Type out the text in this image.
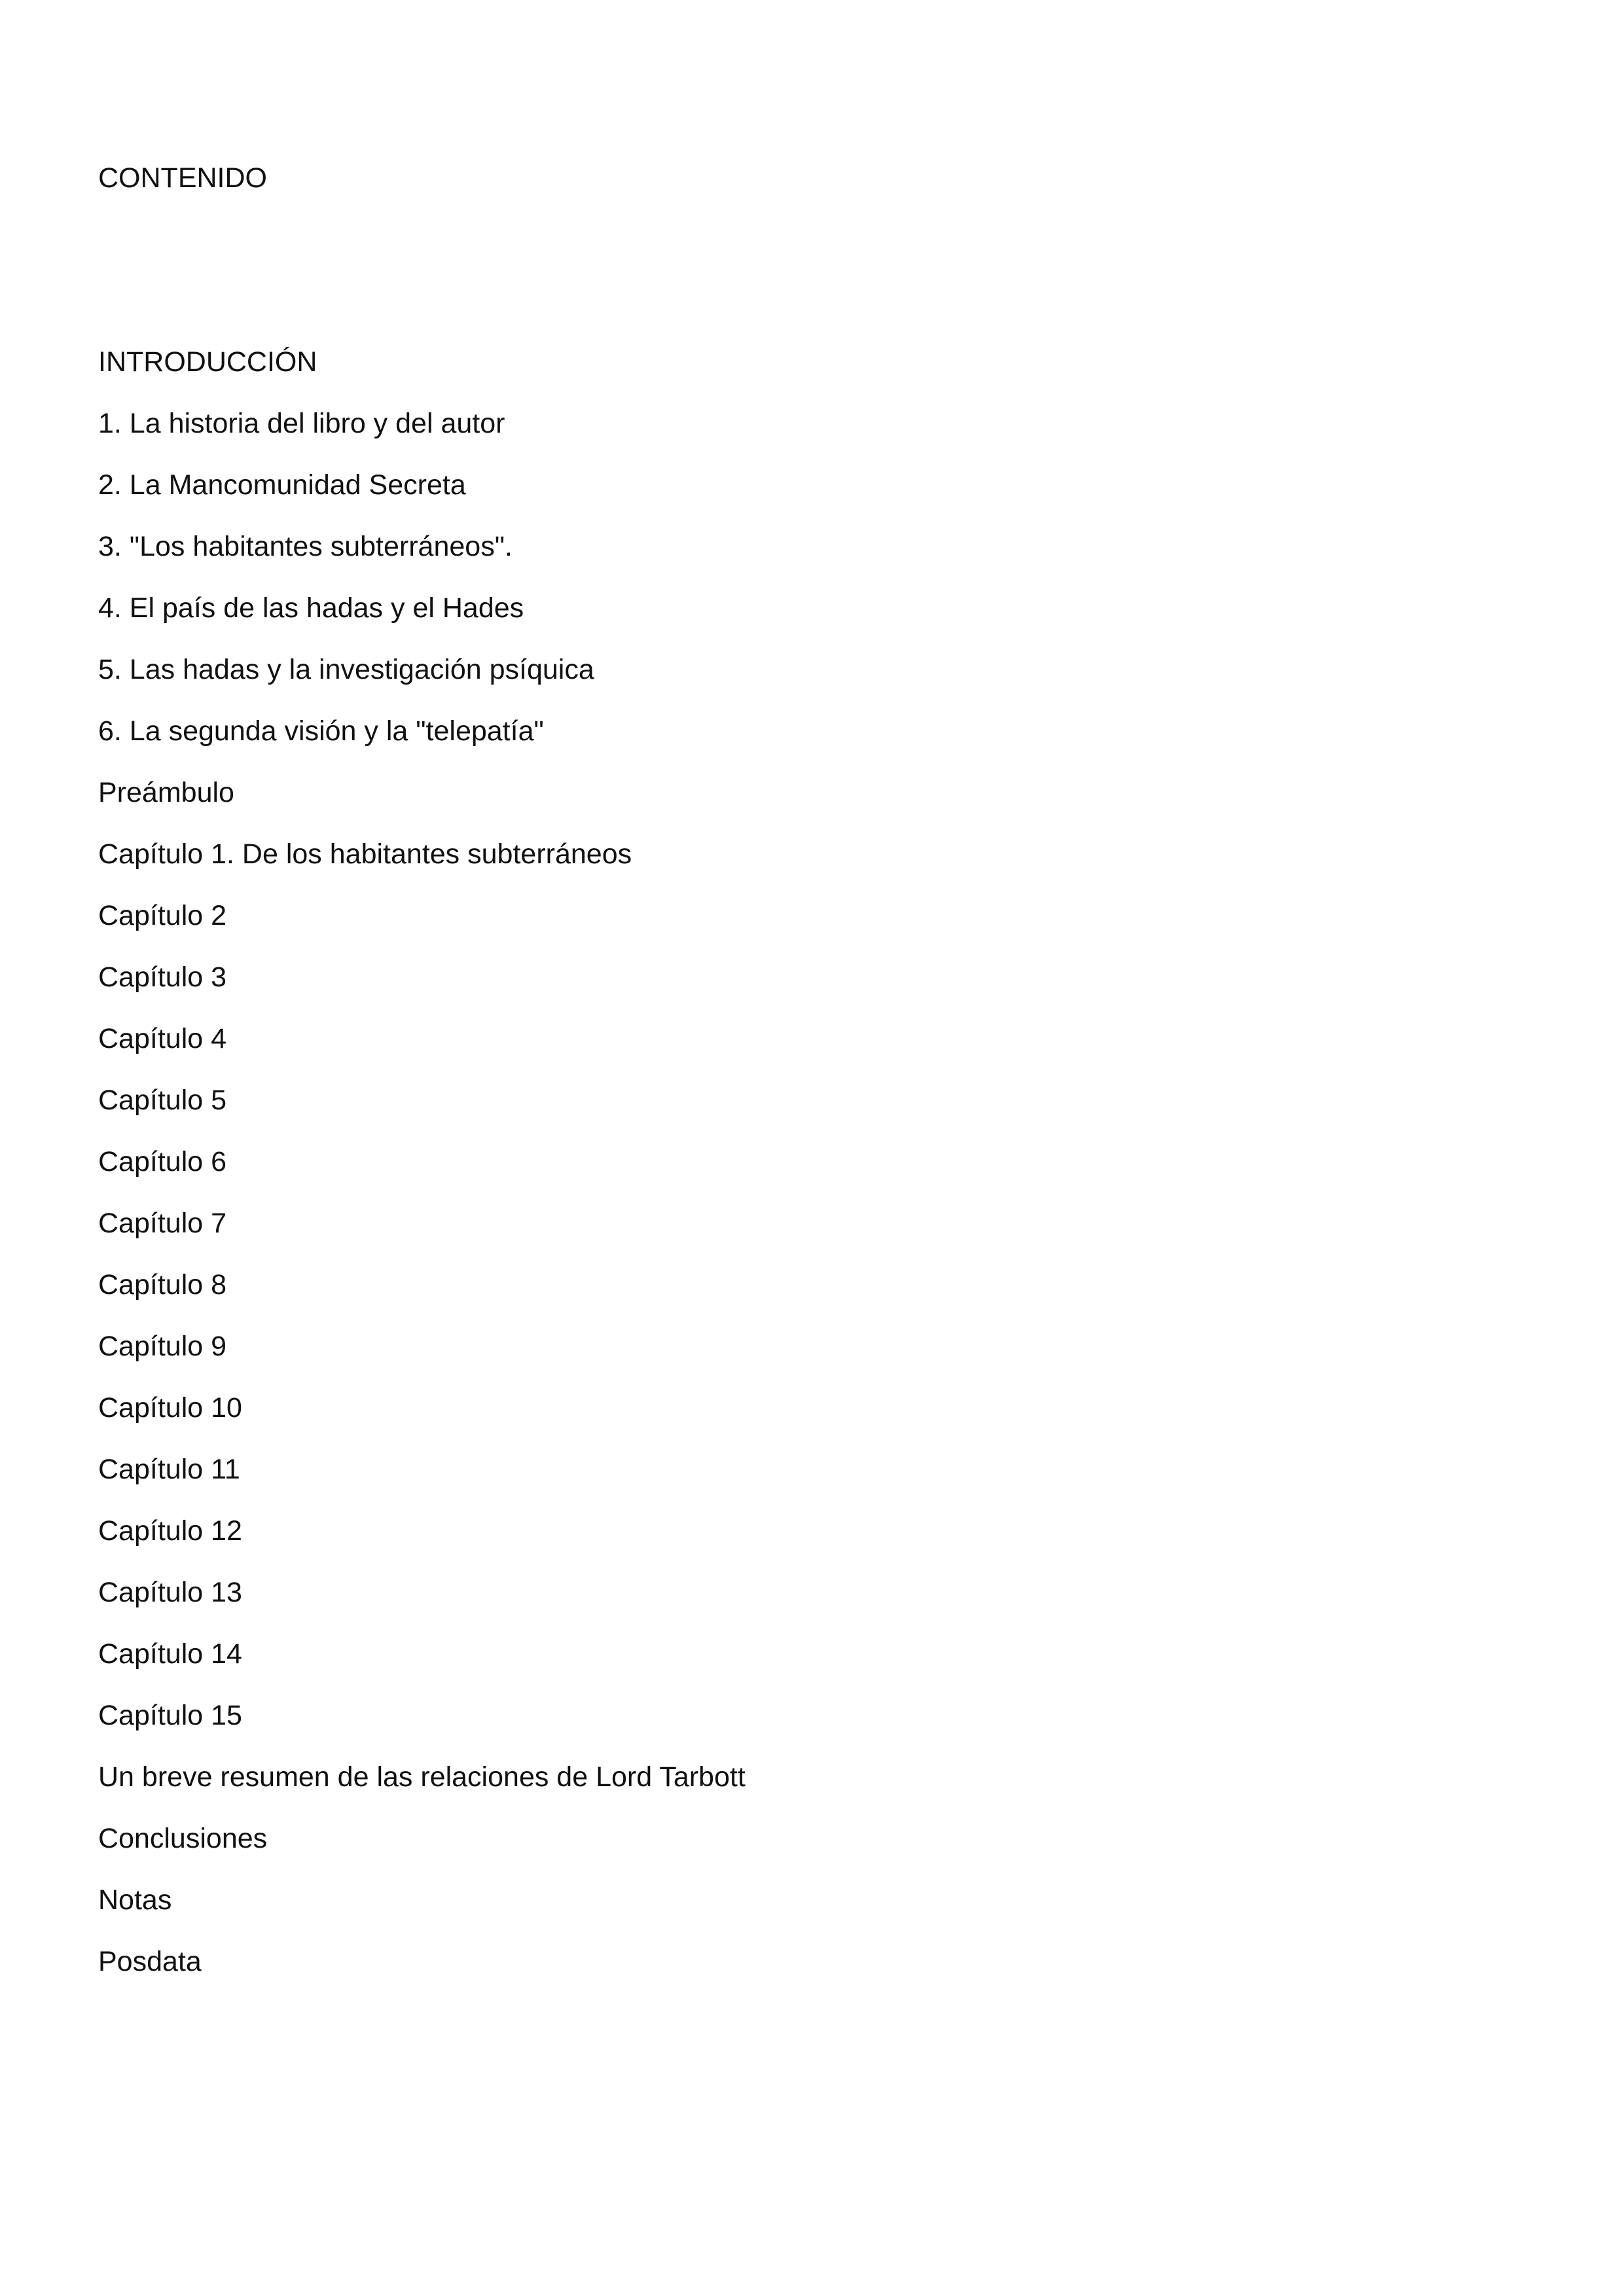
CONTENIDO
INTRODUCCIÓN
1. La historia del libro y del autor
2. La Mancomunidad Secreta
3. "Los habitantes subterráneos".
4. El país de las hadas y el Hades
5. Las hadas y la investigación psíquica
6. La segunda visión y la "telepatía"
Preámbulo
Capítulo 1. De los habitantes subterráneos
Capítulo 2
Capítulo 3
Capítulo 4
Capítulo 5
Capítulo 6
Capítulo 7
Capítulo 8
Capítulo 9
Capítulo 10
Capítulo 11
Capítulo 12
Capítulo 13
Capítulo 14
Capítulo 15
Un breve resumen de las relaciones de Lord Tarbott
Conclusiones
Notas
Posdata
